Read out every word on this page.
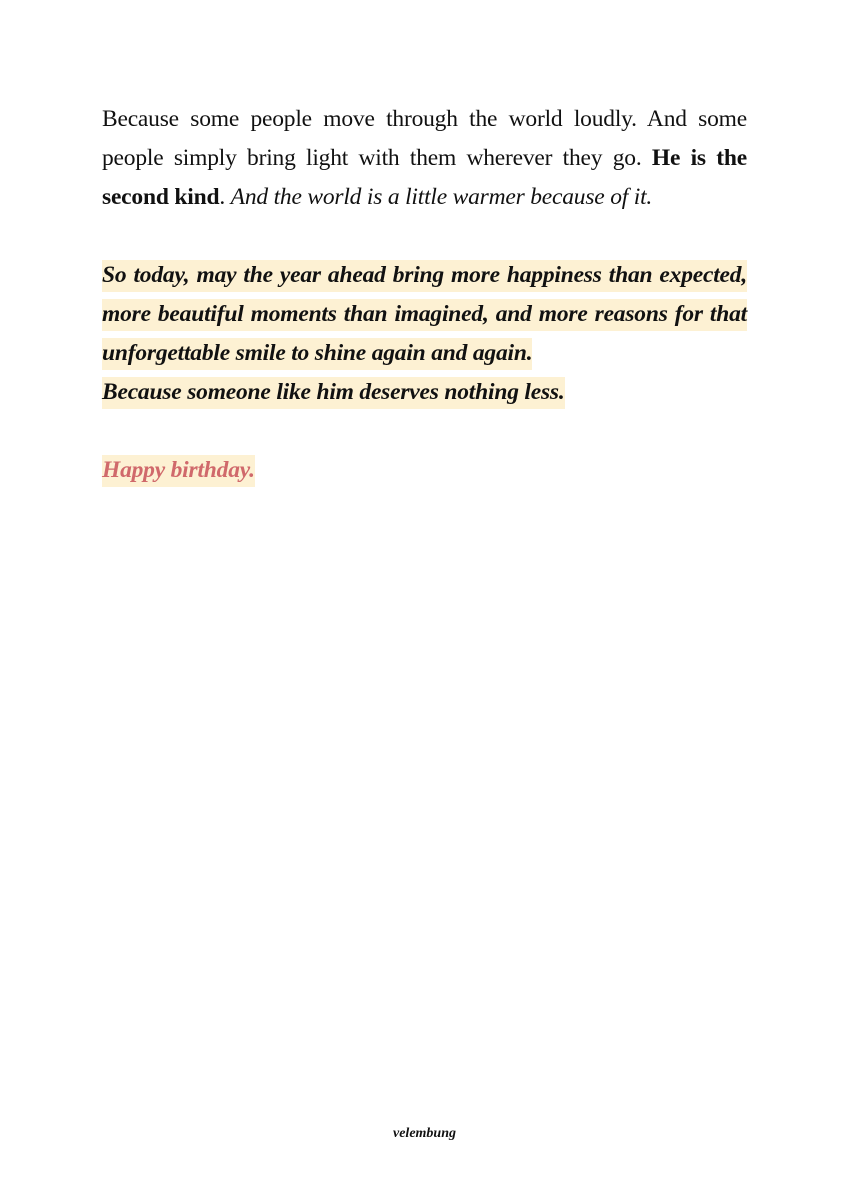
Because some people move through the world loudly. And some people simply bring light with them wherever they go. He is the second kind. And the world is a little warmer because of it.

So today, may the year ahead bring more happiness than expected, more beautiful moments than imagined, and more reasons for that unforgettable smile to shine again and again.
Because someone like him deserves nothing less.

Happy birthday.

velembung
